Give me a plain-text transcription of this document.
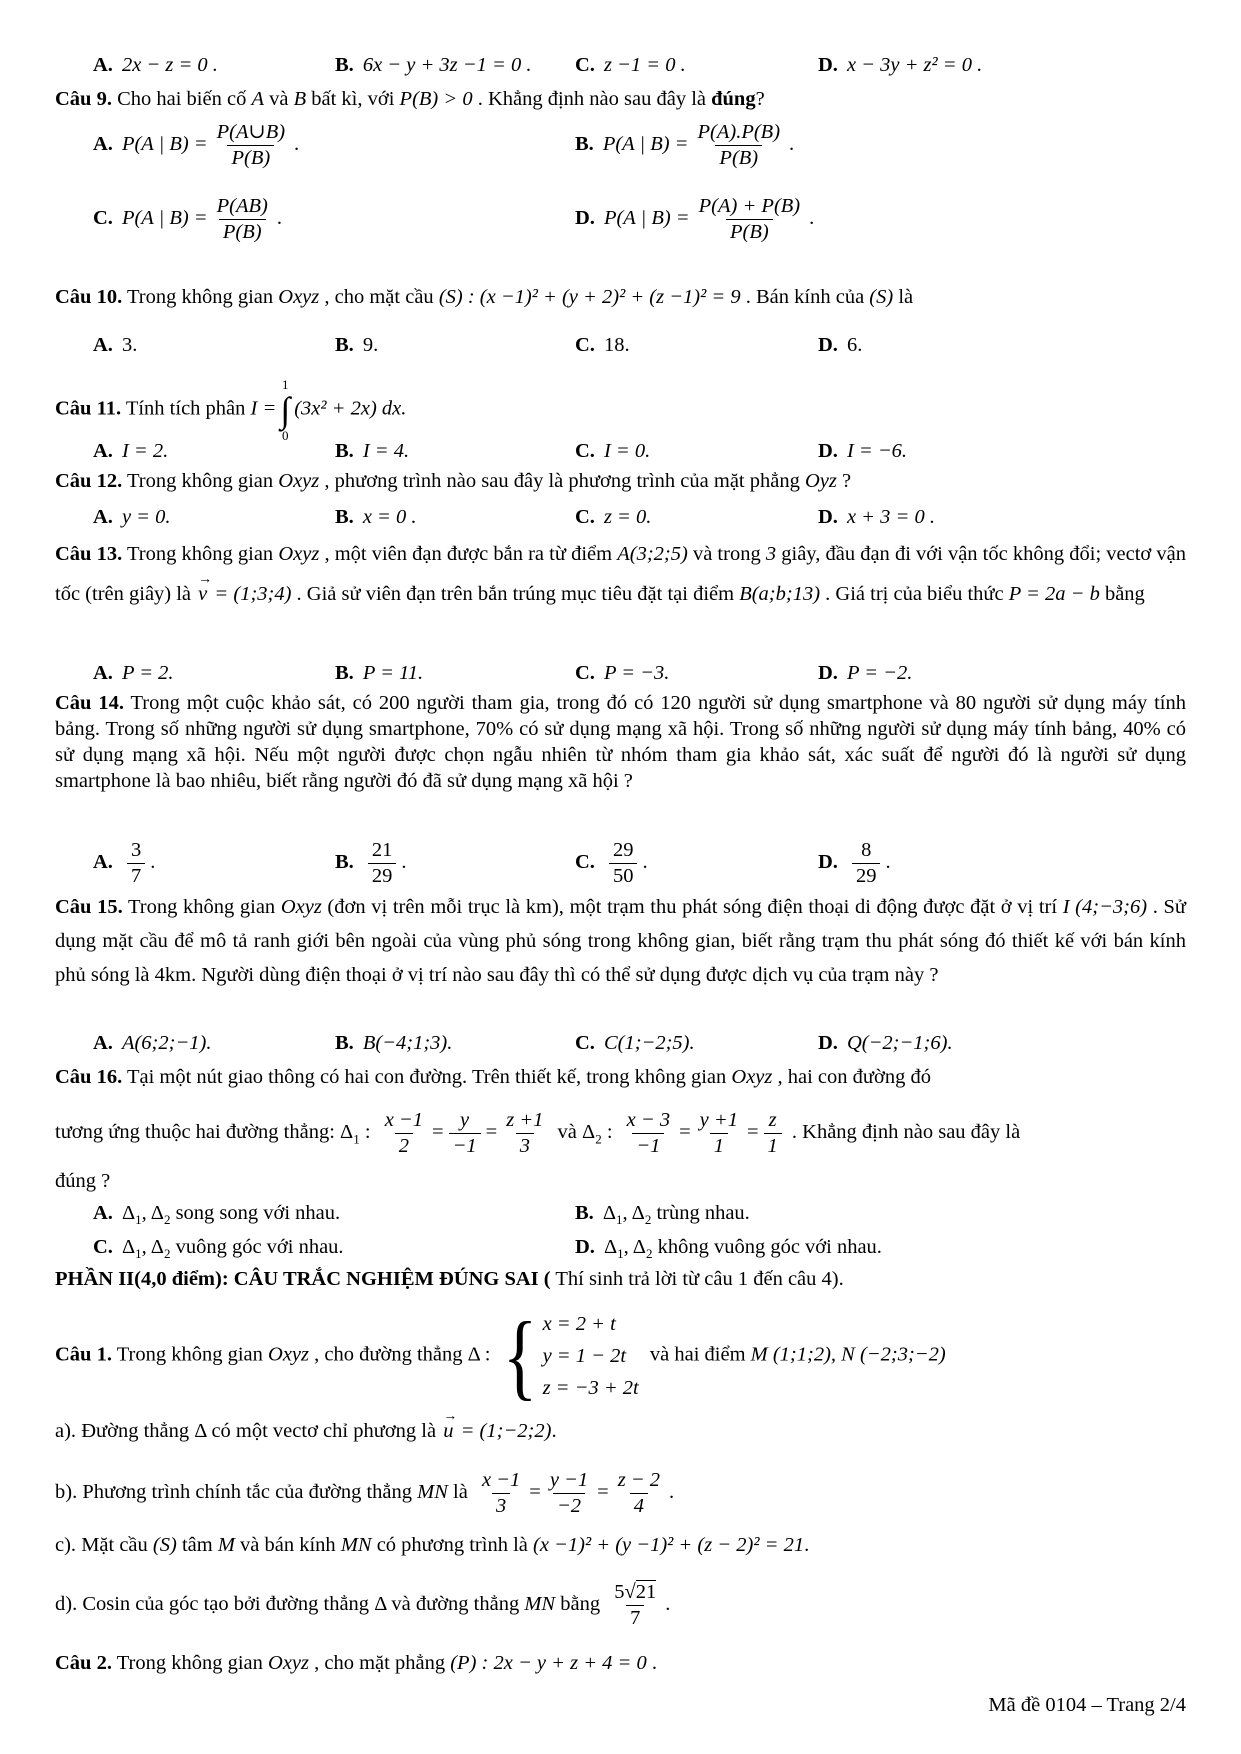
A. 2x − z = 0 .	B. 6x − y + 3z −1 = 0 .	C. z −1 = 0 .	D. x − 3y + z² = 0 .
Câu 9. Cho hai biến cố A và B bất kì, với P(B) > 0 . Khẳng định nào sau đây là đúng?
A. P(A | $B) = \frac{P(A\cup B)}{P(B)}$ .	B. P(A | $B) = \frac{P(A).P(B)}{P(B)}$ .
C. P(A | $B) = \frac{P(AB)}{P(B)}$ .	D. P(A | $B) = \frac{P(A) + P(B)}{P(B)}$ .
Câu 10. Trong không gian Oxyz , cho mặt cầu (S) : (x −1)² + (y + 2)² + (z −1)² = 9 . Bán kính của (S) là
A. 3.	B. 9.	C. 18.	D. 6.
Câu 11. Tính tích phân I =
1
∫
0
(3x² + 2x) dx.
A. I = 2.	B. I = 4.	C. I = 0.	D. I = −6.
Câu 12. Trong không gian Oxyz , phương trình nào sau đây là phương trình của mặt phẳng Oyz ?
A. y = 0.	B. x = 0 .	C. z = 0.	D. x + 3 = 0 .
Câu 13. Trong không gian Oxyz , một viên đạn được bắn ra từ điểm A(3;2;5) và trong 3 giây, đầu đạn đi với vận tốc không đổi; vectơ vận tốc (trên giây) là v
→
= (1;3;4) . Giả sử viên đạn trên bắn trúng mục tiêu đặt tại điểm B(a;b;13) . Giá trị của biểu thức P = 2a − b bằng
A. P = 2.	B. P = 11.	C. P = −3.	D. P = −2.
Câu 14. Trong một cuộc khảo sát, có 200 người tham gia, trong đó có 120 người sử dụng smartphone và 80 người sử dụng máy tính bảng. Trong số những người sử dụng smartphone, 70% có sử dụng mạng xã hội. Trong số những người sử dụng máy tính bảng, 40% có sử dụng mạng xã hội. Nếu một người được chọn ngẫu nhiên từ nhóm tham gia khảo sát, xác suất để người đó là người sử dụng smartphone là bao nhiêu, biết rằng người đó đã sử dụng mạng xã hội ?
A. $\frac{3}{7}$ .	B. $\frac{21}{29}$ .	C. $\frac{29}{50}$ .	D. $\frac{8}{29}$ .
Câu 15. Trong không gian Oxyz (đơn vị trên mỗi trục là km), một trạm thu phát sóng điện thoại di động được đặt ở vị trí I (4;−3;6) . Sử dụng mặt cầu để mô tả ranh giới bên ngoài của vùng phủ sóng trong không gian, biết rằng trạm thu phát sóng đó thiết kế với bán kính phủ sóng là 4km. Người dùng điện thoại ở vị trí nào sau đây thì có thể sử dụng được dịch vụ của trạm này ?
A. A(6;2;−1).	B. B(−4;1;3).	C. C(1;−2;5).	D. Q(−2;−1;6).
Câu 16. Tại một nút giao thông có hai con đường. Trên thiết kế, trong không gian Oxyz , hai con đường đó
tương ứng thuộc hai đường thẳng: $\Delta_1$ : $\frac{x -1}{2} = \frac{y}{-1} = \frac{z +1}{3}$ và $\Delta_2$ : $\frac{x - 3}{-1} = \frac{y +1}{1} = \frac{z}{1}$ . Khẳng định nào sau đây là
đúng ?
A. $\Delta_1$, $\Delta_2$ song song với nhau.	B. $\Delta_1$, $\Delta_2$ trùng nhau.
C. $\Delta_1$, $\Delta_2$ vuông góc với nhau.	D. $\Delta_1$, $\Delta_2$ không vuông góc với nhau.
PHẦN II(4,0 điểm): CÂU TRẮC NGHIỆM ĐÚNG SAI ( Thí sinh trả lời từ câu 1 đến câu 4).
Câu 1. Trong không gian Oxyz , cho đường thẳng Δ : { x = 2 + t
y = 1 − 2t
z = −3 + 2t
và hai điểm M (1;1;2), N (−2;3;−2)
a). Đường thẳng Δ có một vectơ chỉ phương là u
→
= (1;−2;2).
b). Phương trình chính tắc của đường thẳng MN là $\frac{x -1}{3} = \frac{y -1}{-2} = \frac{z - 2}{4}$ .
c). Mặt cầu (S) tâm M và bán kính MN có phương trình là (x −1)² + (y −1)² + (z − 2)² = 21.
d). Cosin của góc tạo bởi đường thẳng Δ và đường thẳng MN bằng $\frac{5√21}{7}$ .
Câu 2. Trong không gian Oxyz , cho mặt phẳng (P) : 2x − y + z + 4 = 0 .
Mã đề 0104 – Trang 2/4
